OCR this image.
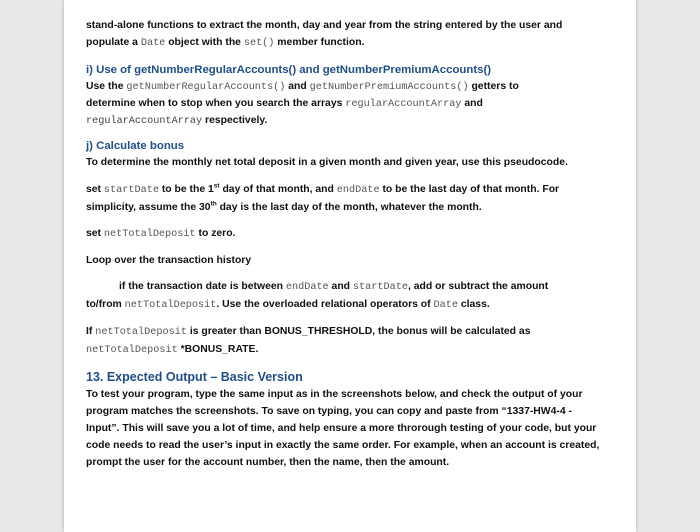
stand-alone functions to extract the month, day and year from the string entered by the user and
populate a Date object with the set() member function.

i) Use of getNumberRegularAccounts() and getNumberPremiumAccounts()

Use the getNumberRegularAccounts() and getNumberPremiumAccounts() getters to
determine when to stop when you search the arrays regularAccountArray and
regularAccountArray respectively.

j) Calculate bonus

To determine the monthly net total deposit in a given month and given year, use this pseudocode.

set startDate to be the 1st day of that month, and endDate to be the last day of that month. For
simplicity, assume the 30th day is the last day of the month, whatever the month.

set netTotalDeposit to zero.

Loop over the transaction history

if the transaction date is between endDate and startDate, add or subtract the amount
to/from netTotalDeposit. Use the overloaded relational operators of Date class.

If netTotalDeposit is greater than BONUS_THRESHOLD, the bonus will be calculated as
netTotalDeposit *BONUS_RATE.

13. Expected Output – Basic Version

To test your program, type the same input as in the screenshots below, and check the output of your
program matches the screenshots. To save on typing, you can copy and paste from “1337-HW4-4 -
Input”. This will save you a lot of time, and help ensure a more throrough testing of your code, but your
code needs to read the user’s input in exactly the same order. For example, when an account is created,
prompt the user for the account number, then the name, then the amount.
